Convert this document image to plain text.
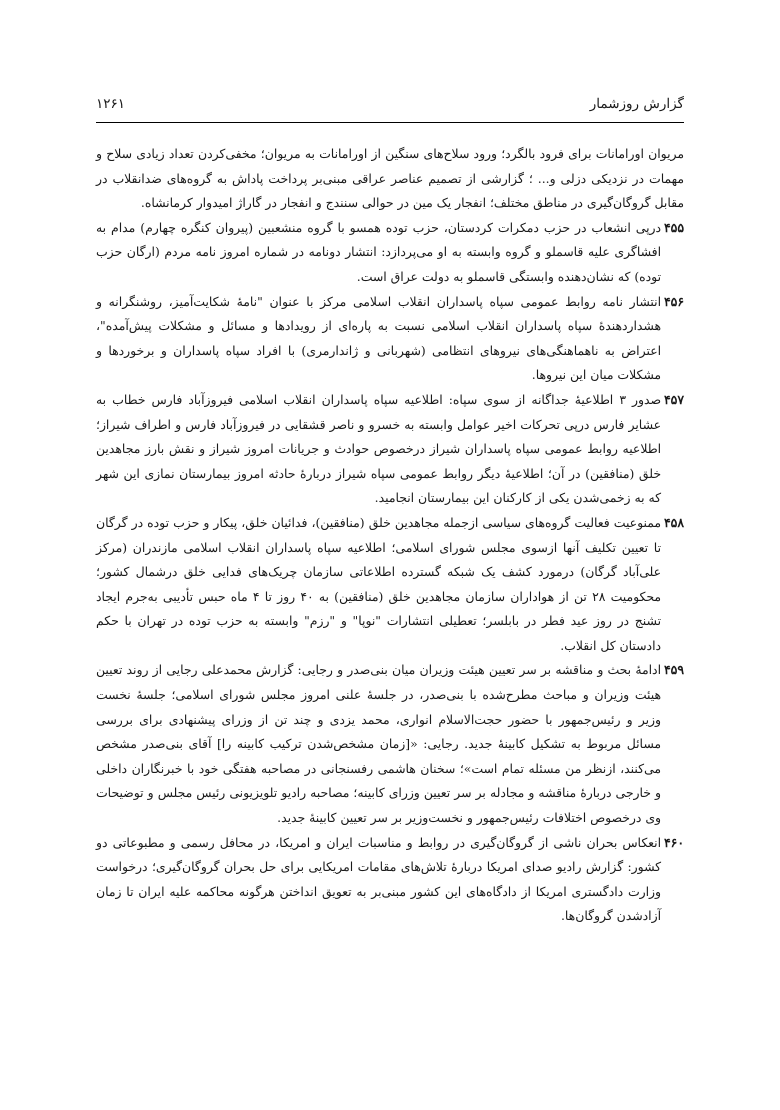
گزارش روزشمار
۱۲۶۱

مریوان اورامانات برای فرود بالگرد؛ ورود سلاح‌های سنگین از اورامانات به مریوان؛ مخفی‌کردن تعداد زیادی سلاح و مهمات در نزدیکی دزلی و... ؛ گزارشی از تصمیم عناصر عراقی مبنی‌بر پرداخت پاداش به گروه‌های ضدانقلاب در مقابل گروگان‌گیری در مناطق مختلف؛ انفجار یک مین در حوالی سنندج و انفجار در گاراژ امیدوار کرمانشاه.

۴۵۵
درپی انشعاب در حزب دمکرات کردستان، حزب توده همسو با گروه منشعبین (پیروان کنگره چهارم) مدام به افشاگری علیه قاسملو و گروه وابسته به او می‌پردازد: انتشار دونامه در شماره امروز نامه مردم (ارگان حزب توده) که نشان‌دهنده وابستگی قاسملو به دولت عراق است.
۴۵۶
انتشار نامه روابط عمومی سپاه پاسداران انقلاب اسلامی مرکز با عنوان "نامهٔ شکایت‌آمیز، روشنگرانه و هشداردهندهٔ سپاه پاسداران انقلاب اسلامی نسبت به پاره‌ای از رویدادها و مسائل و مشکلات پیش‌آمده"، اعتراض به ناهماهنگی‌های نیروهای انتظامی (شهربانی و ژاندارمری) با افراد سپاه پاسداران و برخوردها و مشکلات میان این نیروها.
۴۵۷
صدور ۳ اطلاعیهٔ جداگانه از سوی سپاه: اطلاعیه سپاه پاسداران انقلاب اسلامی فیروزآباد فارس خطاب به عشایر فارس درپی تحرکات اخیر عوامل وابسته به خسرو و ناصر قشقایی در فیروزآباد فارس و اطراف شیراز؛ اطلاعیه روابط عمومی سپاه پاسداران شیراز درخصوص حوادث و جریانات امروز شیراز و نقش بارز مجاهدین خلق (منافقین) در آن؛ اطلاعیهٔ دیگر روابط عمومی سپاه شیراز دربارهٔ حادثه امروز بیمارستان نمازی این شهر که به زخمی‌شدن یکی از کارکنان این بیمارستان انجامید.
۴۵۸
ممنوعیت فعالیت گروه‌های سیاسی ازجمله مجاهدین خلق (منافقین)، فدائیان خلق، پیکار و حزب توده در گرگان تا تعیین تکلیف آنها ازسوی مجلس شورای اسلامی؛ اطلاعیه سپاه پاسداران انقلاب اسلامی مازندران (مرکز علی‌آباد گرگان) درمورد کشف یک شبکه گسترده اطلاعاتی سازمان چریک‌های فدایی خلق درشمال کشور؛ محکومیت ۲۸ تن از هواداران سازمان مجاهدین خلق (منافقین) به ۴۰ روز تا ۴ ماه حبس تأدیبی به‌جرم ایجاد تشنج در روز عید فطر در بابلسر؛ تعطیلی انتشارات "نوپا" و "رزم" وابسته به حزب توده در تهران با حکم دادستان کل انقلاب.
۴۵۹
ادامهٔ بحث و مناقشه بر سر تعیین هیئت وزیران میان بنی‌صدر و رجایی: گزارش محمدعلی رجایی از روند تعیین هیئت وزیران و مباحث مطرح‌شده با بنی‌صدر، در جلسهٔ علنی امروز مجلس شورای اسلامی؛ جلسهٔ نخست وزیر و رئیس‌جمهور با حضور حجت‌الاسلام انواری، محمد یزدی و چند تن از وزرای پیشنهادی برای بررسی مسائل مربوط به تشکیل کابینهٔ جدید. رجایی: «[زمان مشخص‌شدن ترکیب کابینه را] آقای بنی‌صدر مشخص می‌کنند، ازنظر من مسئله تمام است»؛ سخنان هاشمی رفسنجانی در مصاحبه هفتگی خود با خبرنگاران داخلی و خارجی دربارهٔ مناقشه و مجادله بر سر تعیین وزرای کابینه؛ مصاحبه رادیو تلویزیونی رئیس مجلس و توضیحات وی درخصوص اختلافات رئیس‌جمهور و نخست‌وزیر بر سر تعیین کابینهٔ جدید.
۴۶۰
انعکاس بحران ناشی از گروگان‌گیری در روابط و مناسبات ایران و امریکا، در محافل رسمی و مطبوعاتی دو کشور: گزارش رادیو صدای امریکا دربارهٔ تلاش‌های مقامات امریکایی برای حل بحران گروگان‌گیری؛ درخواست وزارت دادگستری امریکا از دادگاه‌های این کشور مبنی‌بر به تعویق انداختن هرگونه محاکمه علیه ایران تا زمان آزادشدن گروگان‌ها.
